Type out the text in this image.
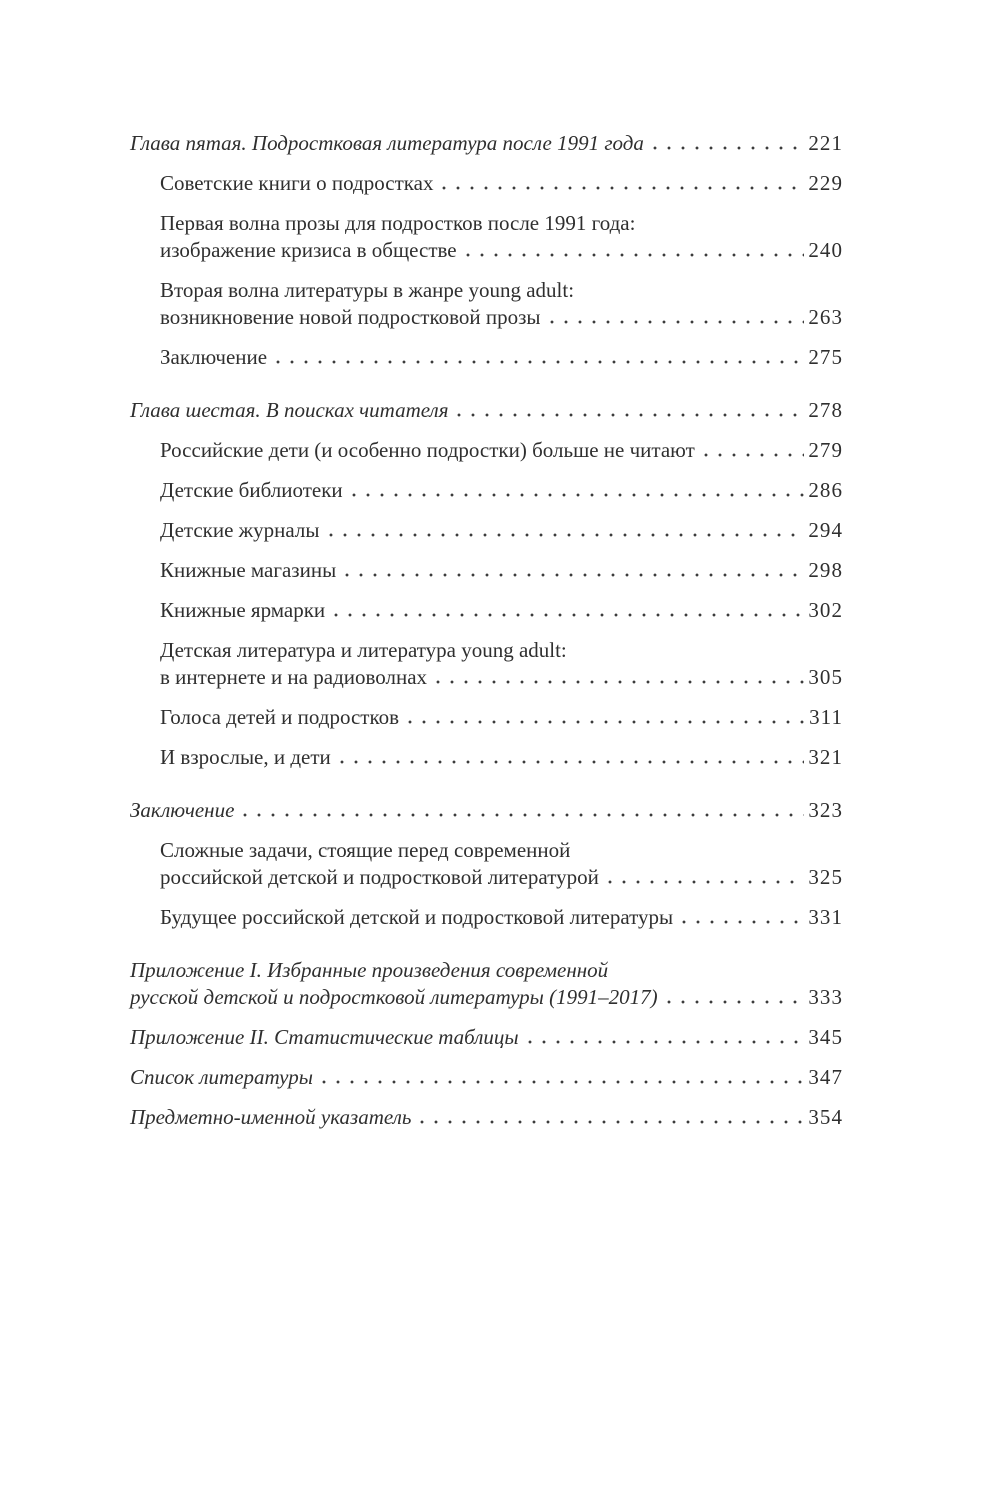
Глава пятая. Подростковая литература после 1991 года	221
Советские книги о подростках	229
Первая волна прозы для подростков после 1991 года:
изображение кризиса в обществе	240
Вторая волна литературы в жанре young adult:
возникновение новой подростковой прозы	263
Заключение	275
Глава шестая. В поисках читателя	278
Российские дети (и особенно подростки) больше не читают	279
Детские библиотеки	286
Детские журналы	294
Книжные магазины	298
Книжные ярмарки	302
Детская литература и литература young adult:
в интернете и на радиоволнах	305
Голоса детей и подростков	311
И взрослые, и дети	321
Заключение	323
Сложные задачи, стоящие перед современной
российской детской и подростковой литературой	325
Будущее российской детской и подростковой литературы	331
Приложение I. Избранные произведения современной
русской детской и подростковой литературы (1991–2017)	333
Приложение II. Статистические таблицы	345
Список литературы	347
Предметно-именной указатель	354
